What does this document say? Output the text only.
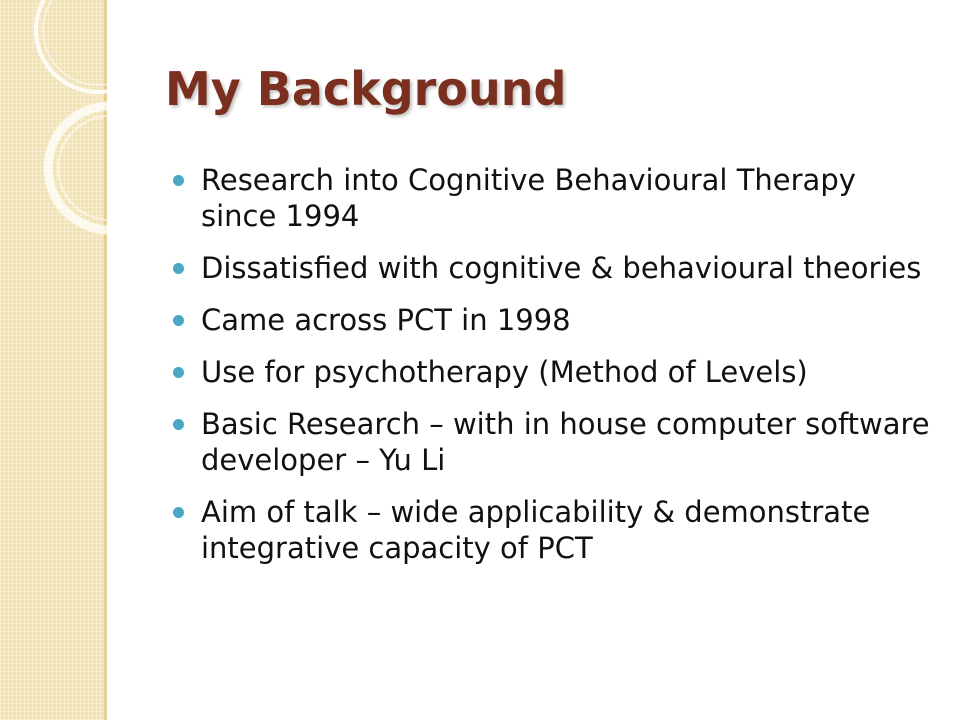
My Background
Research into Cognitive Behavioural Therapy since 1994
Dissatisfied with cognitive & behavioural theories
Came across PCT in 1998
Use for psychotherapy (Method of Levels)
Basic Research – with in house computer software developer – Yu Li
Aim of talk – wide applicability & demonstrate integrative capacity of PCT
